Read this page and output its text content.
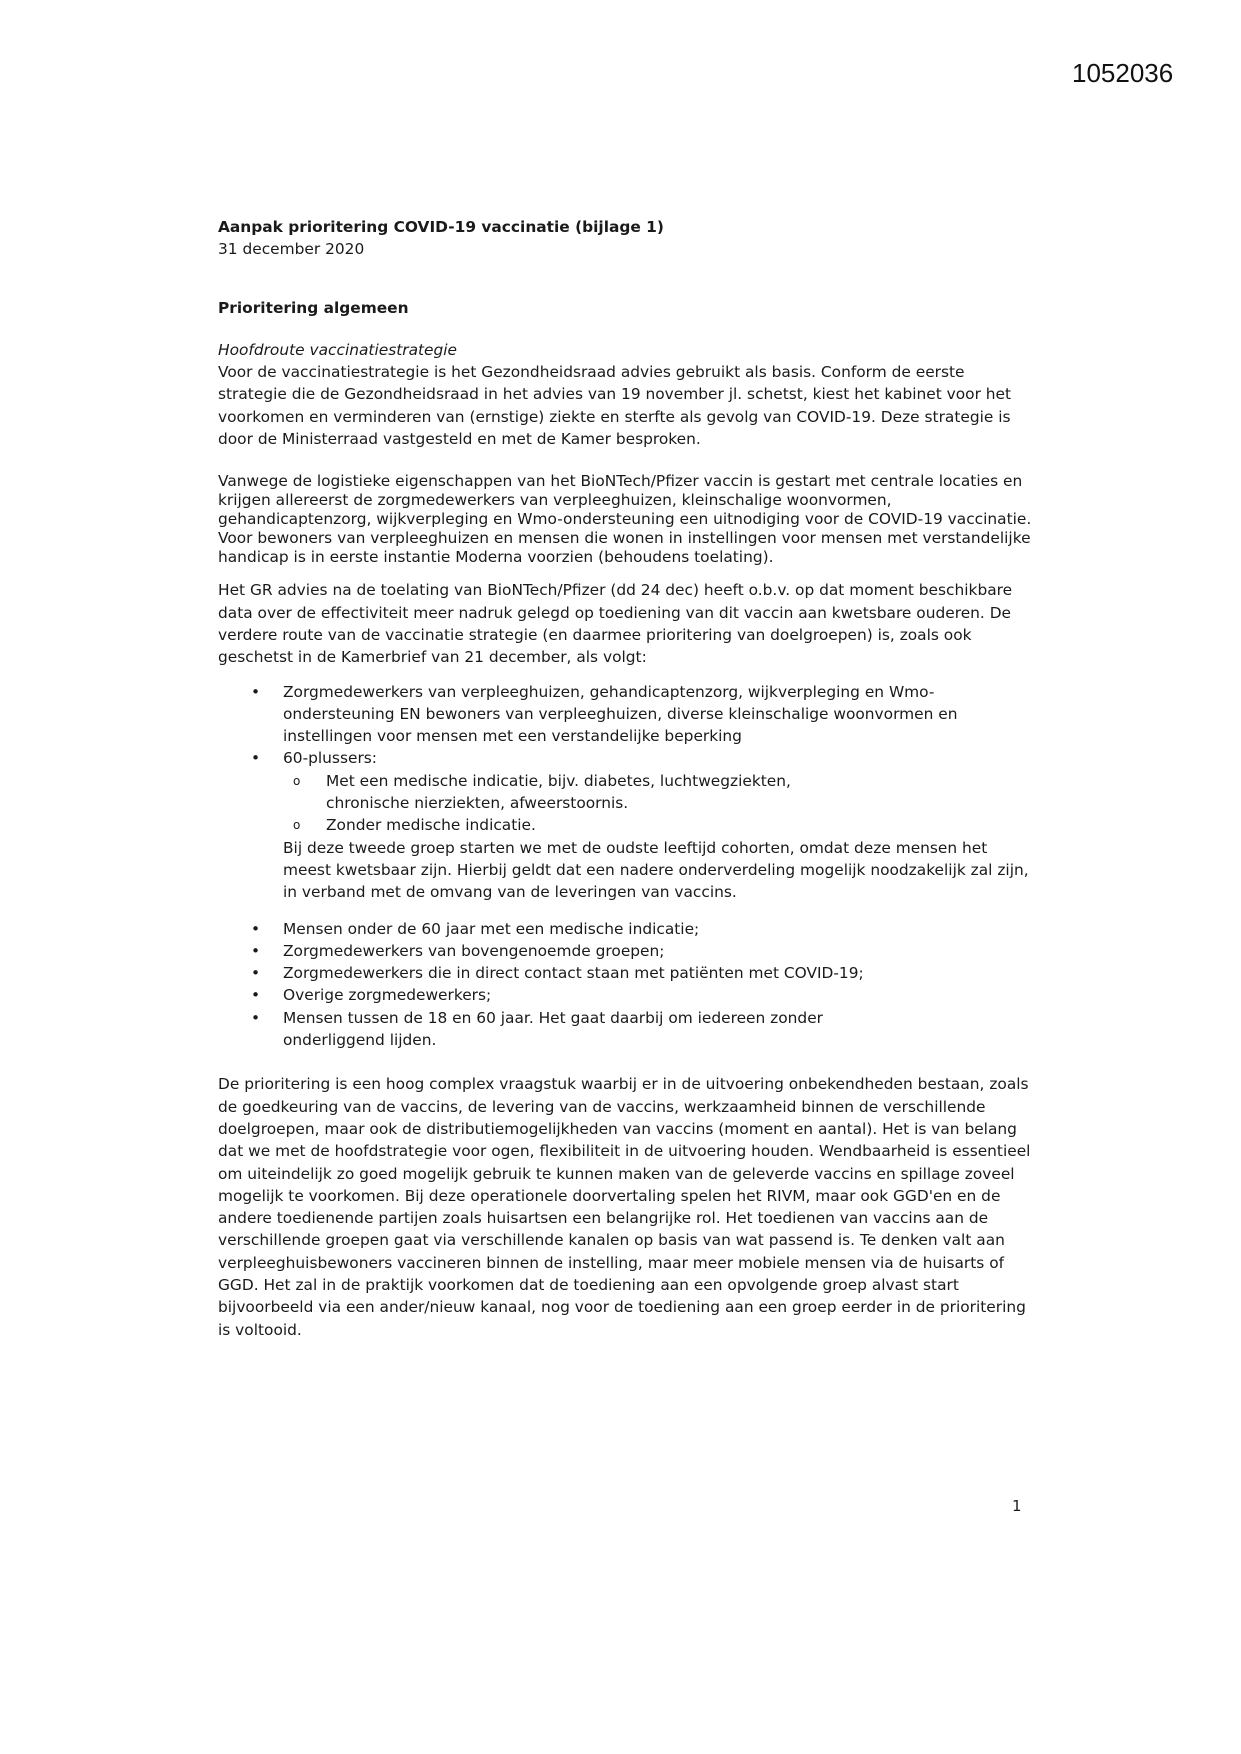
1052036

Aanpak prioritering COVID-19 vaccinatie (bijlage 1)

31 december 2020

Prioritering algemeen

Hoofdroute vaccinatiestrategie

Voor de vaccinatiestrategie is het Gezondheidsraad advies gebruikt als basis. Conform de eerste strategie die de Gezondheidsraad in het advies van 19 november jl. schetst, kiest het kabinet voor het voorkomen en verminderen van (ernstige) ziekte en sterfte als gevolg van COVID-19. Deze strategie is door de Ministerraad vastgesteld en met de Kamer besproken.

Vanwege de logistieke eigenschappen van het BioNTech/Pfizer vaccin is gestart met centrale locaties en krijgen allereerst de zorgmedewerkers van verpleeghuizen, kleinschalige woonvormen, gehandicaptenzorg, wijkverpleging en Wmo-ondersteuning een uitnodiging voor de COVID-19 vaccinatie. Voor bewoners van verpleeghuizen en mensen die wonen in instellingen voor mensen met verstandelijke handicap is in eerste instantie Moderna voorzien (behoudens toelating).

Het GR advies na de toelating van BioNTech/Pfizer (dd 24 dec) heeft o.b.v. op dat moment beschikbare data over de effectiviteit meer nadruk gelegd op toediening van dit vaccin aan kwetsbare ouderen. De verdere route van de vaccinatie strategie (en daarmee prioritering van doelgroepen) is, zoals ook geschetst in de Kamerbrief van 21 december, als volgt:

• Zorgmedewerkers van verpleeghuizen, gehandicaptenzorg, wijkverpleging en Wmo-ondersteuning EN bewoners van verpleeghuizen, diverse kleinschalige woonvormen en instellingen voor mensen met een verstandelijke beperking
• 60-plussers:
o Met een medische indicatie, bijv. diabetes, luchtwegziekten, chronische nierziekten, afweerstoornis.
o Zonder medische indicatie.

Bij deze tweede groep starten we met de oudste leeftijd cohorten, omdat deze mensen het meest kwetsbaar zijn. Hierbij geldt dat een nadere onderverdeling mogelijk noodzakelijk zal zijn, in verband met de omvang van de leveringen van vaccins.

• Mensen onder de 60 jaar met een medische indicatie;
• Zorgmedewerkers van bovengenoemde groepen;
• Zorgmedewerkers die in direct contact staan met patiënten met COVID-19;
• Overige zorgmedewerkers;
• Mensen tussen de 18 en 60 jaar. Het gaat daarbij om iedereen zonder onderliggend lijden.

De prioritering is een hoog complex vraagstuk waarbij er in de uitvoering onbekendheden bestaan, zoals de goedkeuring van de vaccins, de levering van de vaccins, werkzaamheid binnen de verschillende doelgroepen, maar ook de distributiemogelijkheden van vaccins (moment en aantal). Het is van belang dat we met de hoofdstrategie voor ogen, flexibiliteit in de uitvoering houden. Wendbaarheid is essentieel om uiteindelijk zo goed mogelijk gebruik te kunnen maken van de geleverde vaccins en spillage zoveel mogelijk te voorkomen. Bij deze operationele doorvertaling spelen het RIVM, maar ook GGD'en en de andere toedienende partijen zoals huisartsen een belangrijke rol. Het toedienen van vaccins aan de verschillende groepen gaat via verschillende kanalen op basis van wat passend is. Te denken valt aan verpleeghuisbewoners vaccineren binnen de instelling, maar meer mobiele mensen via de huisarts of GGD. Het zal in de praktijk voorkomen dat de toediening aan een opvolgende groep alvast start bijvoorbeeld via een ander/nieuw kanaal, nog voor de toediening aan een groep eerder in de prioritering is voltooid.

1
